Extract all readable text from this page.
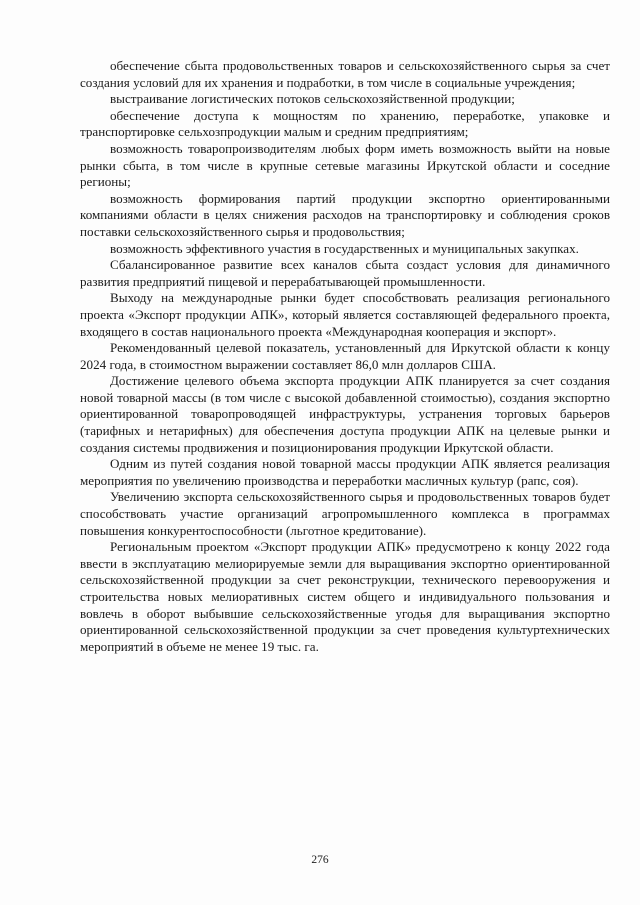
обеспечение сбыта продовольственных товаров и сельскохозяйственного сырья за счет создания условий для их хранения и подработки, в том числе в социальные учреждения;

выстраивание логистических потоков сельскохозяйственной продукции;

обеспечение доступа к мощностям по хранению, переработке, упаковке и транспортировке сельхозпродукции малым и средним предприятиям;

возможность товаропроизводителям любых форм иметь возможность выйти на новые рынки сбыта, в том числе в крупные сетевые магазины Иркутской области и соседние регионы;

возможность формирования партий продукции экспортно ориентированными компаниями области в целях снижения расходов на транспортировку и соблюдения сроков поставки сельскохозяйственного сырья и продовольствия;

возможность эффективного участия в государственных и муниципальных закупках.

Сбалансированное развитие всех каналов сбыта создаст условия для динамичного развития предприятий пищевой и перерабатывающей промышленности.

Выходу на международные рынки будет способствовать реализация регионального проекта «Экспорт продукции АПК», который является составляющей федерального проекта, входящего в состав национального проекта «Международная кооперация и экспорт».

Рекомендованный целевой показатель, установленный для Иркутской области к концу 2024 года, в стоимостном выражении составляет 86,0 млн долларов США.

Достижение целевого объема экспорта продукции АПК планируется за счет создания новой товарной массы (в том числе с высокой добавленной стоимостью), создания экспортно ориентированной товаропроводящей инфраструктуры, устранения торговых барьеров (тарифных и нетарифных) для обеспечения доступа продукции АПК на целевые рынки и создания системы продвижения и позиционирования продукции Иркутской области.

Одним из путей создания новой товарной массы продукции АПК является реализация мероприятия по увеличению производства и переработки масличных культур (рапс, соя).

Увеличению экспорта сельскохозяйственного сырья и продовольственных товаров будет способствовать участие организаций агропромышленного комплекса в программах повышения конкурентоспособности (льготное кредитование).

Региональным проектом «Экспорт продукции АПК» предусмотрено к концу 2022 года ввести в эксплуатацию мелиорируемые земли для выращивания экспортно ориентированной сельскохозяйственной продукции за счет реконструкции, технического перевооружения и строительства новых мелиоративных систем общего и индивидуального пользования и вовлечь в оборот выбывшие сельскохозяйственные угодья для выращивания экспортно ориентированной сельскохозяйственной продукции за счет проведения культуртехнических мероприятий в объеме не менее 19 тыс. га.

276
